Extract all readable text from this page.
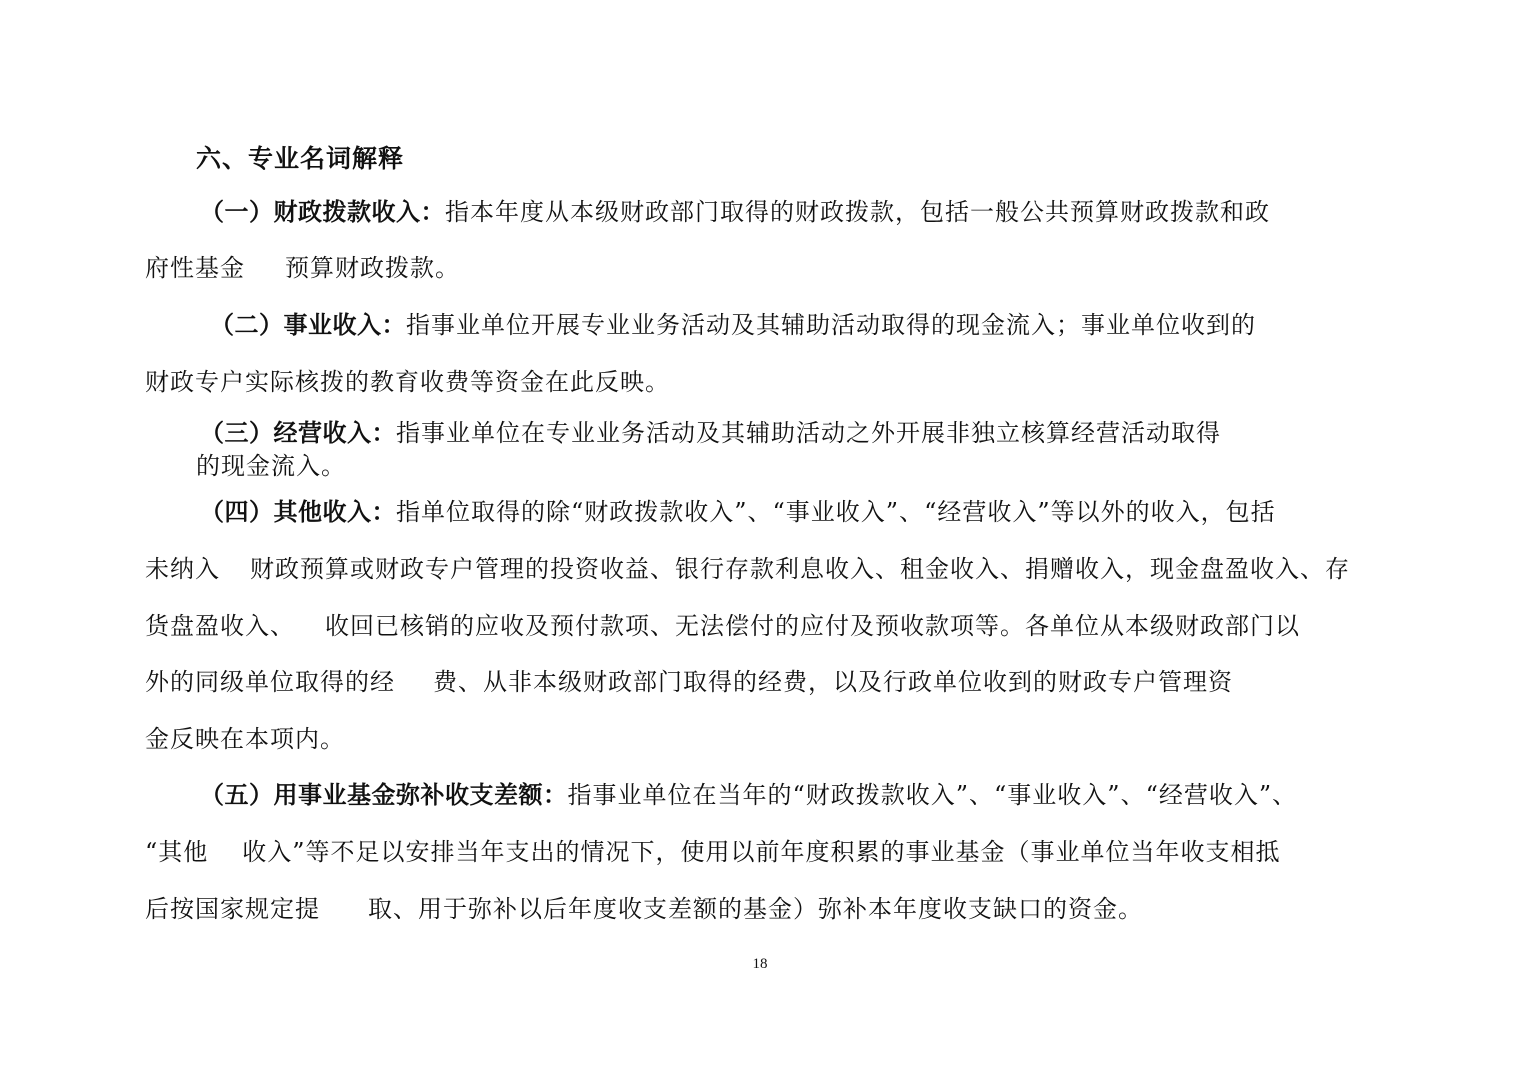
六、专业名词解释
（一）财政拨款收入：指本年度从本级财政部门取得的财政拨款，包括一般公共预算财政拨款和政
府性基金 预算财政拨款。
（二）事业收入：指事业单位开展专业业务活动及其辅助活动取得的现金流入；事业单位收到的
财政专户实际核拨的教育收费等资金在此反映。
（三）经营收入：指事业单位在专业业务活动及其辅助活动之外开展非独立核算经营活动取得
的现金流入。
（四）其他收入：指单位取得的除“财政拨款收入”、“事业收入”、“经营收入”等以外的收入，包括
未纳入 财政预算或财政专户管理的投资收益、银行存款利息收入、租金收入、捐赠收入，现金盘盈收入、存
货盘盈收入、 收回已核销的应收及预付款项、无法偿付的应付及预收款项等。各单位从本级财政部门以
外的同级单位取得的经 费、从非本级财政部门取得的经费，以及行政单位收到的财政专户管理资
金反映在本项内。
（五）用事业基金弥补收支差额：指事业单位在当年的“财政拨款收入”、“事业收入”、“经营收入”、
“其他 收入”等不足以安排当年支出的情况下，使用以前年度积累的事业基金（事业单位当年收支相抵
后按国家规定提 取、用于弥补以后年度收支差额的基金）弥补本年度收支缺口的资金。
18
